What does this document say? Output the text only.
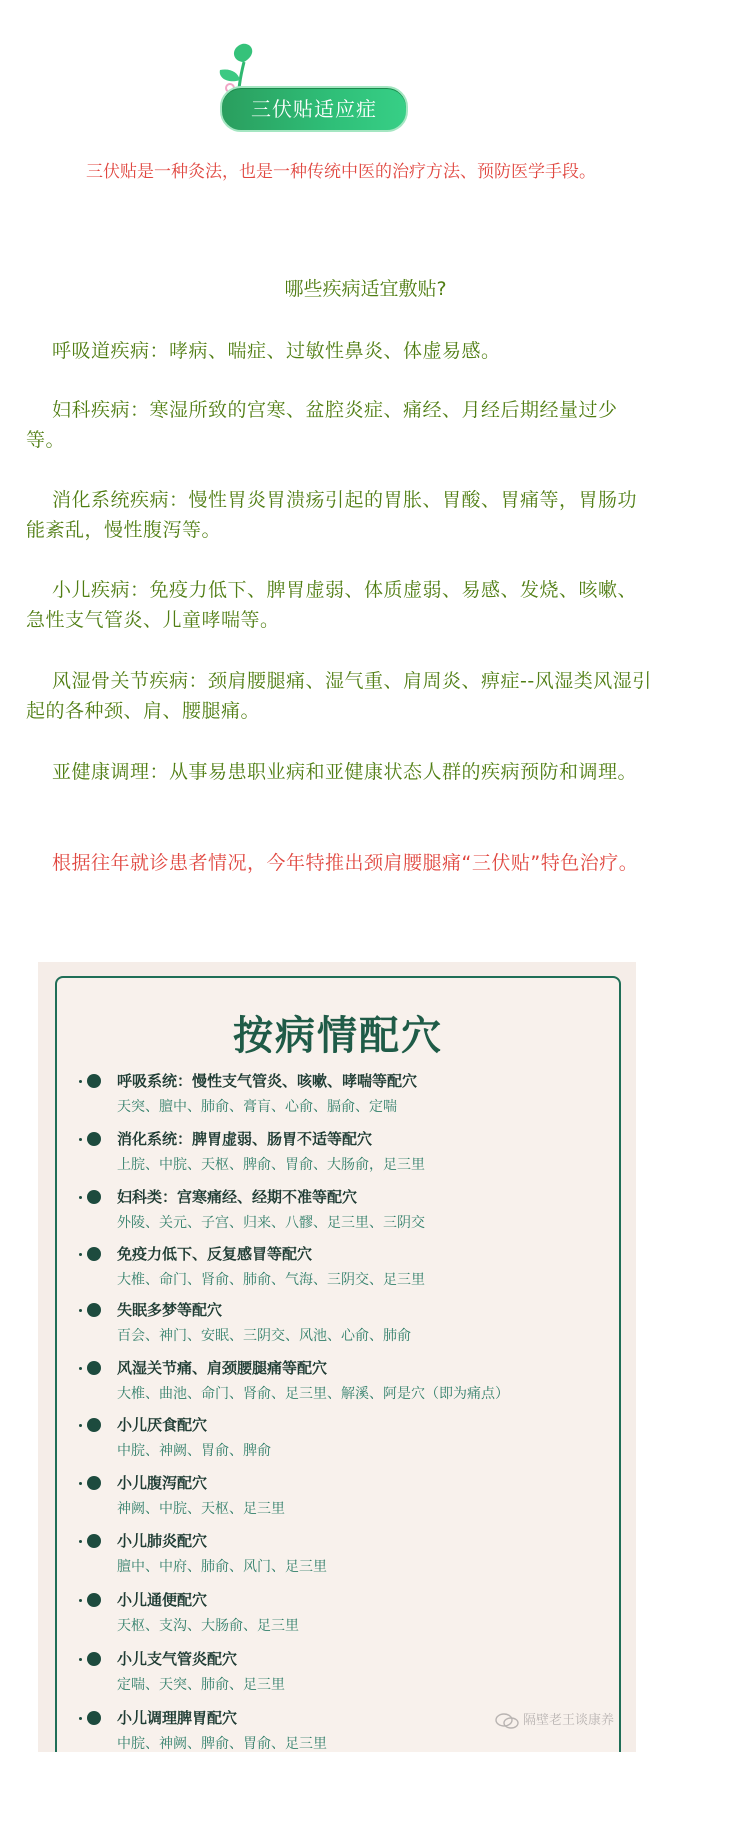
三伏贴适应症
三伏贴是一种灸法，也是一种传统中医的治疗方法、预防医学手段。
哪些疾病适宜敷贴?
呼吸道疾病：哮病、喘症、过敏性鼻炎、体虚易感。
妇科疾病：寒湿所致的宫寒、盆腔炎症、痛经、月经后期经量过少等。
消化系统疾病：慢性胃炎胃溃疡引起的胃胀、胃酸、胃痛等，胃肠功能紊乱，慢性腹泻等。
小儿疾病：免疫力低下、脾胃虚弱、体质虚弱、易感、发烧、咳嗽、急性支气管炎、儿童哮喘等。
风湿骨关节疾病：颈肩腰腿痛、湿气重、肩周炎、痹症--风湿类风湿引起的各种颈、肩、腰腿痛。
亚健康调理：从事易患职业病和亚健康状态人群的疾病预防和调理。
根据往年就诊患者情况，今年特推出颈肩腰腿痛“三伏贴”特色治疗。
按病情配穴
呼吸系统：慢性支气管炎、咳嗽、哮喘等配穴
天突、膻中、肺俞、膏肓、心俞、膈俞、定喘
消化系统：脾胃虚弱、肠胃不适等配穴
上脘、中脘、天枢、脾俞、胃俞、大肠俞，足三里
妇科类：宫寒痛经、经期不准等配穴
外陵、关元、子宫、归来、八髎、足三里、三阴交
免疫力低下、反复感冒等配穴
大椎、命门、肾俞、肺俞、气海、三阴交、足三里
失眠多梦等配穴
百会、神门、安眠、三阴交、风池、心俞、肺俞
风湿关节痛、肩颈腰腿痛等配穴
大椎、曲池、命门、肾俞、足三里、解溪、阿是穴（即为痛点）
小儿厌食配穴
中脘、神阙、胃俞、脾俞
小儿腹泻配穴
神阙、中脘、天枢、足三里
小儿肺炎配穴
膻中、中府、肺俞、风门、足三里
小儿通便配穴
天枢、支沟、大肠俞、足三里
小儿支气管炎配穴
定喘、天突、肺俞、足三里
小儿调理脾胃配穴
中脘、神阙、脾俞、胃俞、足三里
隔壁老王谈康养
